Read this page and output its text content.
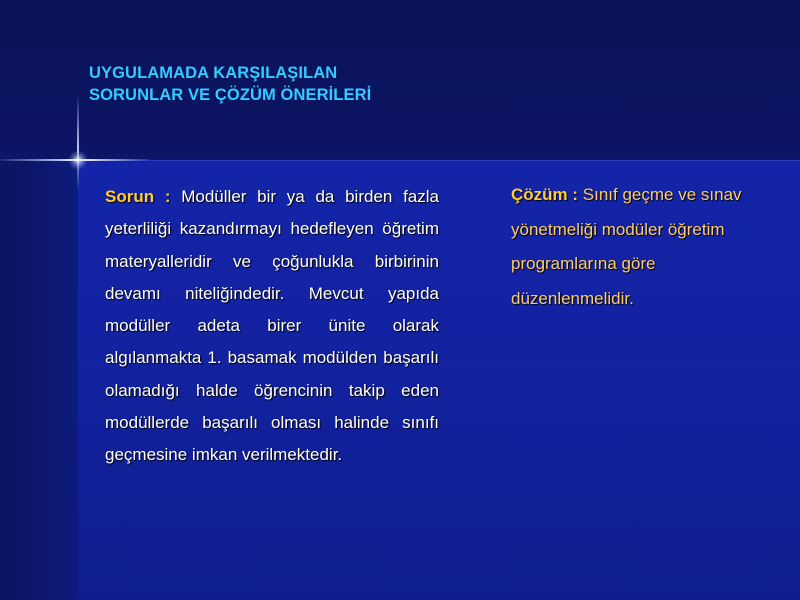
UYGULAMADA KARŞILAŞILAN
SORUNLAR VE ÇÖZÜM ÖNERİLERİ

Sorun : Modüller bir ya da birden fazla yeterliliği kazandırmayı hedefleyen öğretim materyalleridir ve çoğunlukla birbirinin devamı niteliğindedir. Mevcut yapıda modüller adeta birer ünite olarak algılanmakta 1. basamak modülden başarılı olamadığı halde öğrencinin takip eden modüllerde başarılı olması halinde sınıfı geçmesine imkan verilmektedir.

Çözüm : Sınıf geçme ve sınav yönetmeliği modüler öğretim programlarına göre düzenlenmelidir.
